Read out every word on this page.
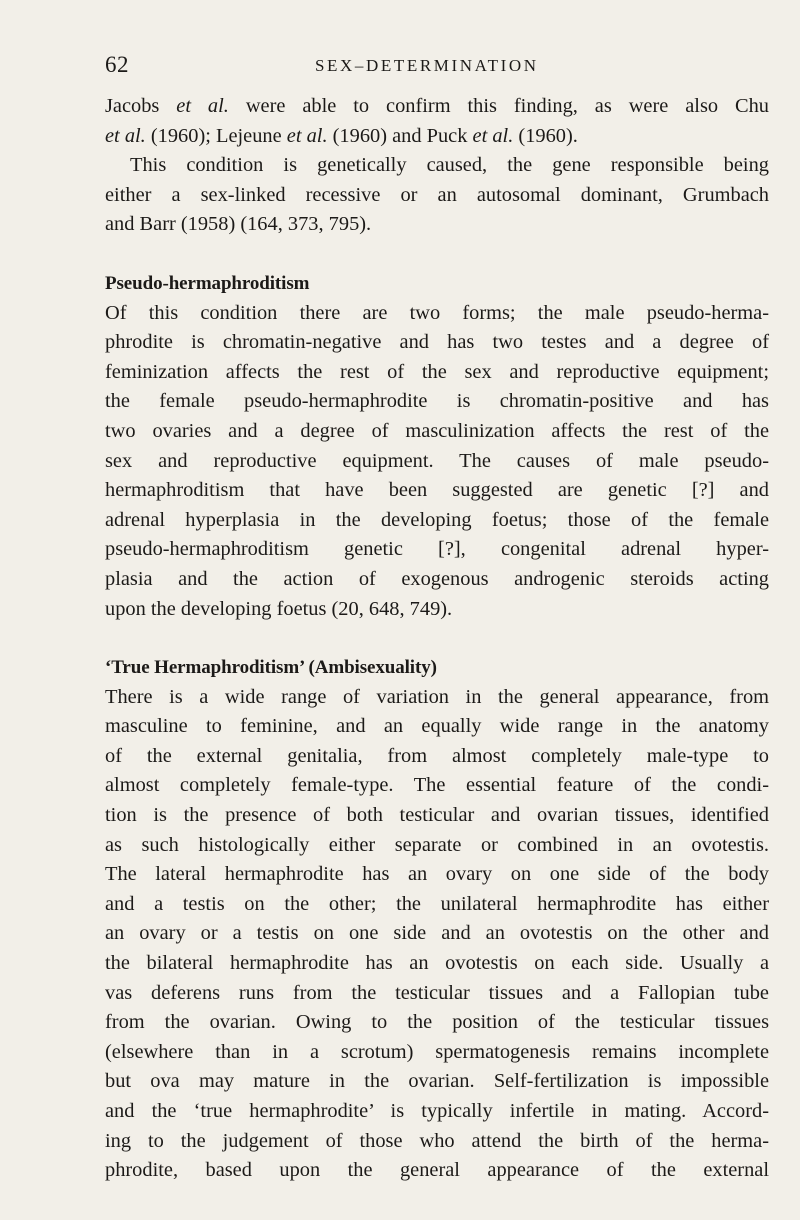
62	SEX–DETERMINATION

Jacobs et al. were able to confirm this finding, as were also Chu
et al. (1960); Lejeune et al. (1960) and Puck et al. (1960).

This condition is genetically caused, the gene responsible being
either a sex-linked recessive or an autosomal dominant, Grumbach
and Barr (1958) (164, 373, 795).

Pseudo-hermaphroditism

Of this condition there are two forms; the male pseudo-herma-
phrodite is chromatin-negative and has two testes and a degree of
feminization affects the rest of the sex and reproductive equipment;
the female pseudo-hermaphrodite is chromatin-positive and has
two ovaries and a degree of masculinization affects the rest of the
sex and reproductive equipment. The causes of male pseudo-
hermaphroditism that have been suggested are genetic [?] and
adrenal hyperplasia in the developing foetus; those of the female
pseudo-hermaphroditism genetic [?], congenital adrenal hyper-
plasia and the action of exogenous androgenic steroids acting
upon the developing foetus (20, 648, 749).

‘True Hermaphroditism’ (Ambisexuality)

There is a wide range of variation in the general appearance, from
masculine to feminine, and an equally wide range in the anatomy
of the external genitalia, from almost completely male-type to
almost completely female-type. The essential feature of the condi-
tion is the presence of both testicular and ovarian tissues, identified
as such histologically either separate or combined in an ovotestis.
The lateral hermaphrodite has an ovary on one side of the body
and a testis on the other; the unilateral hermaphrodite has either
an ovary or a testis on one side and an ovotestis on the other and
the bilateral hermaphrodite has an ovotestis on each side. Usually a
vas deferens runs from the testicular tissues and a Fallopian tube
from the ovarian. Owing to the position of the testicular tissues
(elsewhere than in a scrotum) spermatogenesis remains incomplete
but ova may mature in the ovarian. Self-fertilization is impossible
and the ‘true hermaphrodite’ is typically infertile in mating. Accord-
ing to the judgement of those who attend the birth of the herma-
phrodite, based upon the general appearance of the external
